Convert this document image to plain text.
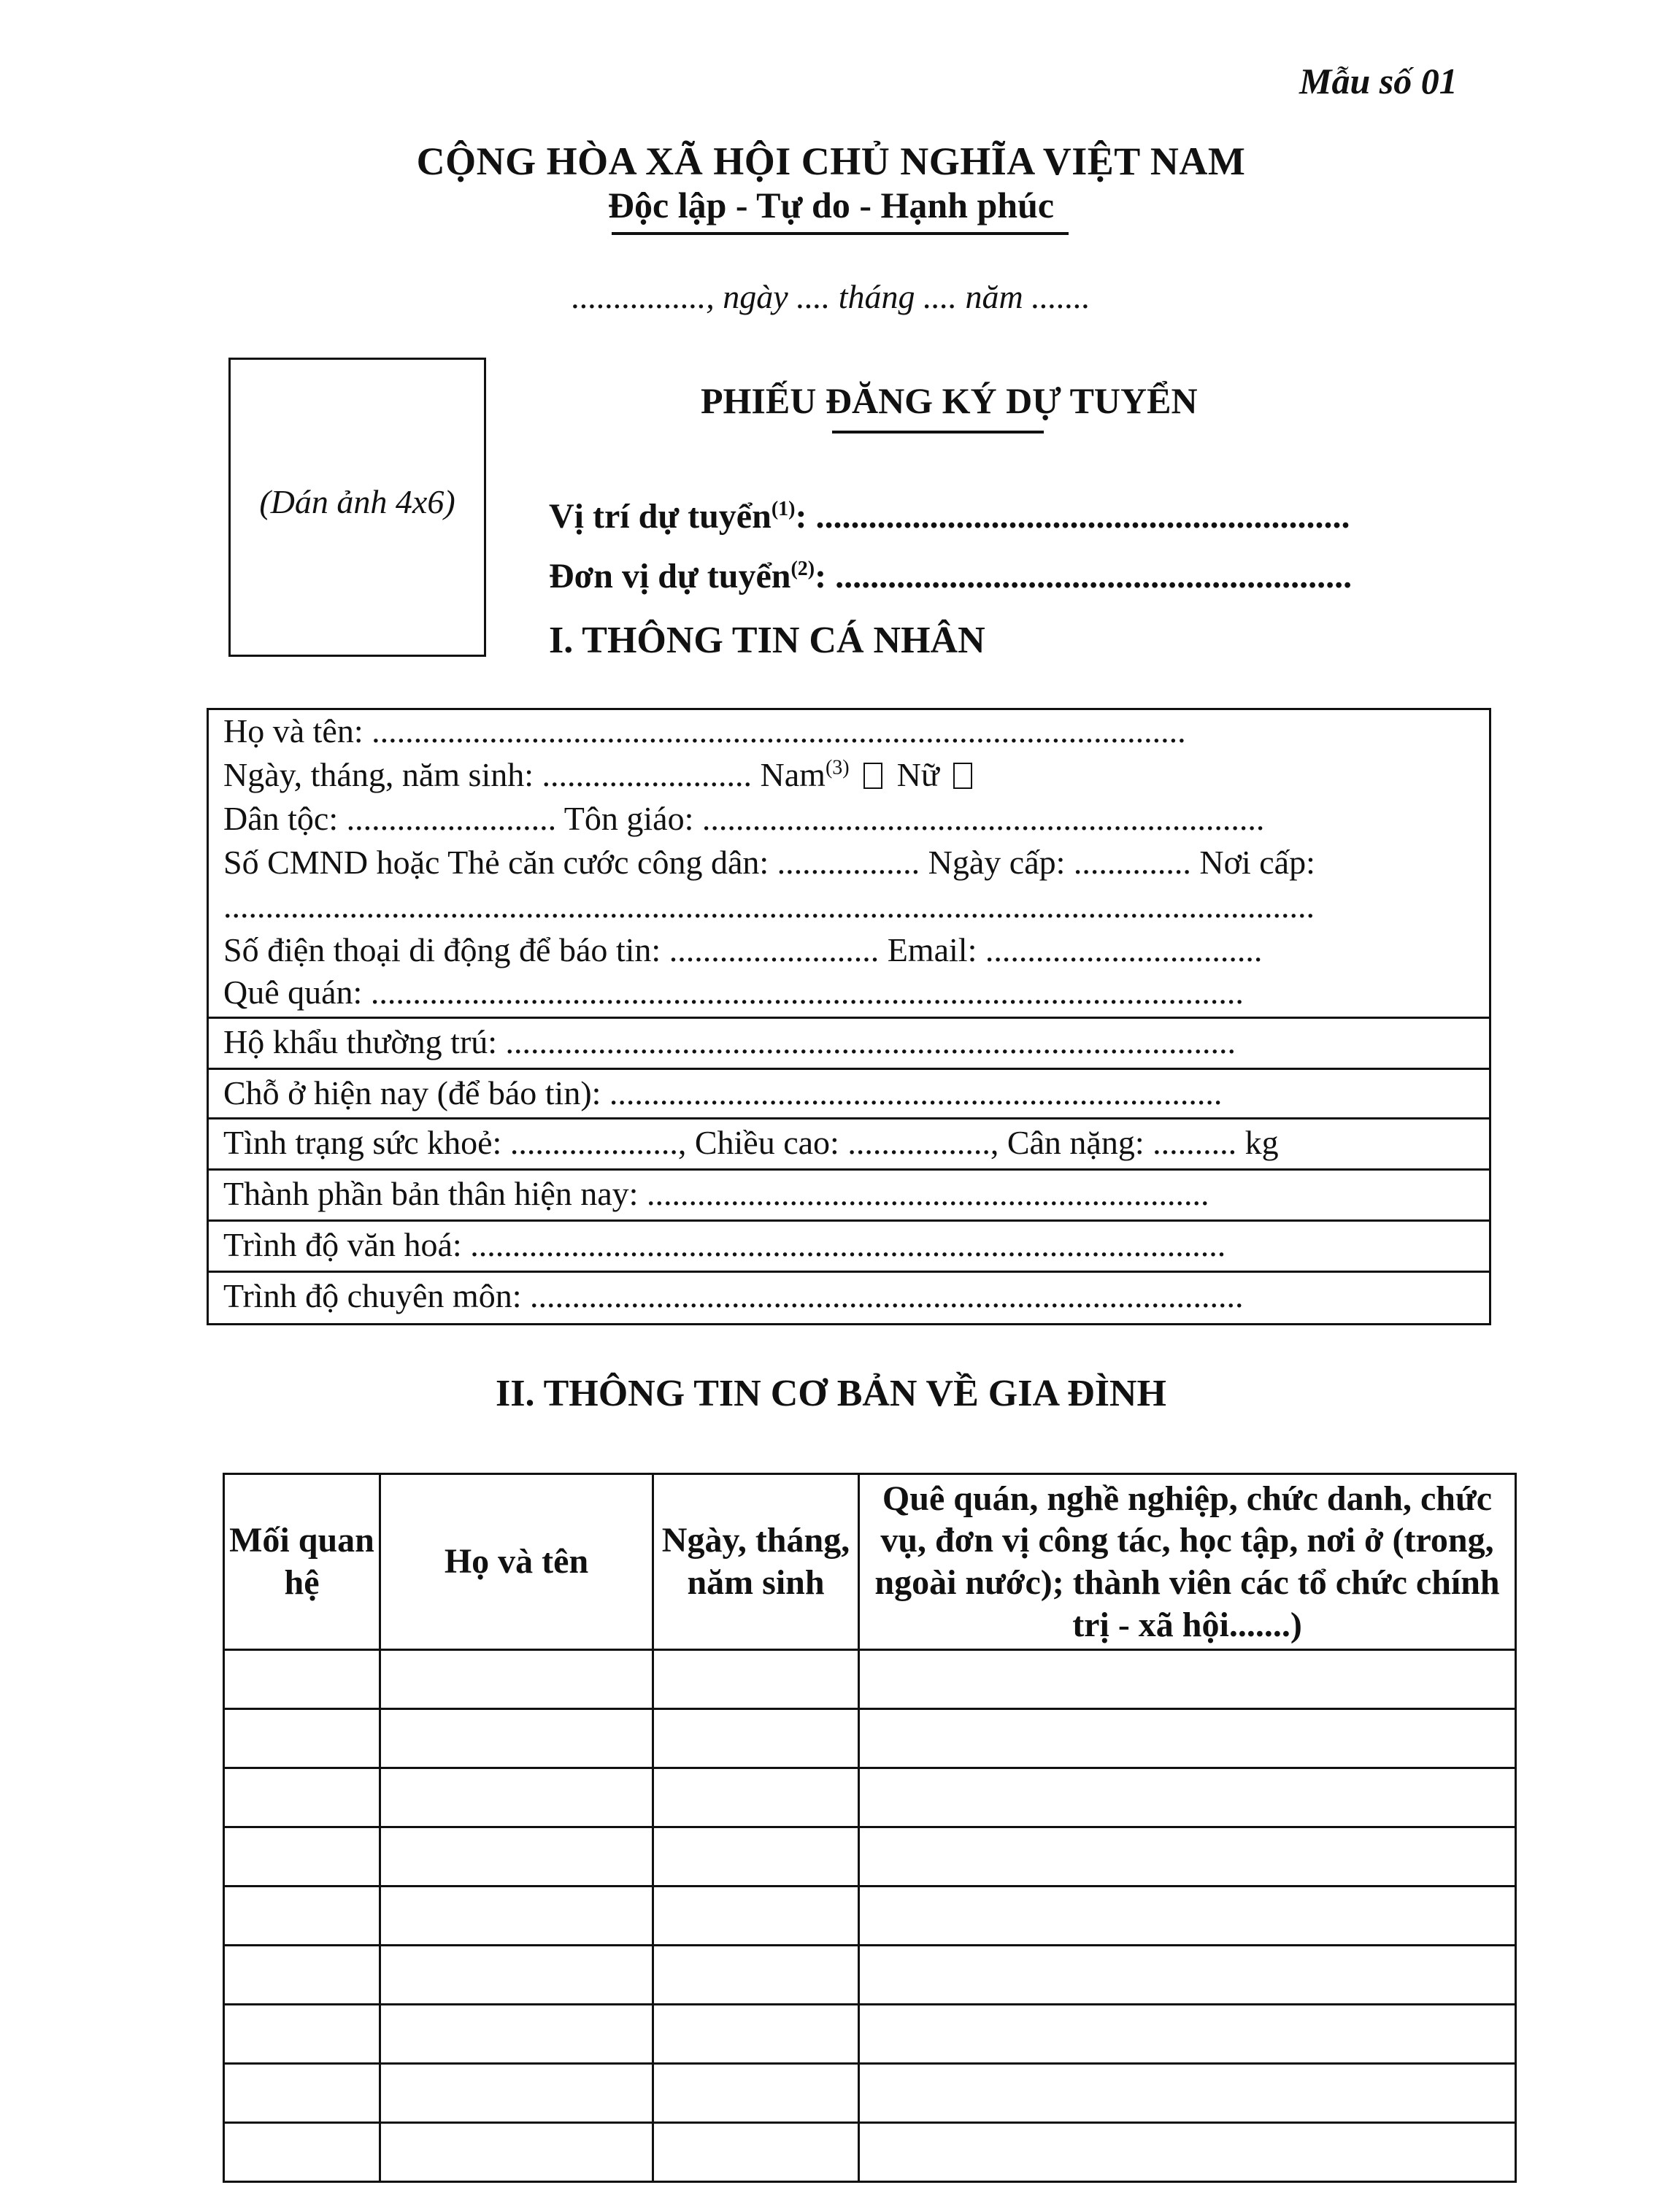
Mẫu số 01
CỘNG HÒA XÃ HỘI CHỦ NGHĨA VIỆT NAM
Độc lập - Tự do - Hạnh phúc
................, ngày .... tháng .... năm .......
(Dán ảnh 4x6)
PHIẾU ĐĂNG KÝ DỰ TUYỂN
Vị trí dự tuyển$^{(1)}$: .............................................................
Đơn vị dự tuyển$^{(2)}$: ...........................................................
I. THÔNG TIN CÁ NHÂN
Họ và tên: .................................................................................................
Ngày, tháng, năm sinh: ......................... Nam$^{(3)}$ Nữ
Dân tộc: ......................... Tôn giáo: ...................................................................
Số CMND hoặc Thẻ căn cước công dân: ................. Ngày cấp: .............. Nơi cấp:
..................................................................................................................................
Số điện thoại di động để báo tin: ......................... Email: .................................
Quê quán: ........................................................................................................
Hộ khẩu thường trú: .......................................................................................
Chỗ ở hiện nay (để báo tin): .........................................................................
Tình trạng sức khoẻ: ...................., Chiều cao: ................., Cân nặng: .......... kg
Thành phần bản thân hiện nay: ...................................................................
Trình độ văn hoá: ..........................................................................................
Trình độ chuyên môn: .....................................................................................
II. THÔNG TIN CƠ BẢN VỀ GIA ĐÌNH
Mối quan hệ	Họ và tên	Ngày, tháng, năm sinh	Quê quán, nghề nghiệp, chức danh, chức vụ, đơn vị công tác, học tập, nơi ở (trong, ngoài nước); thành viên các tổ chức chính trị - xã hội.......)
